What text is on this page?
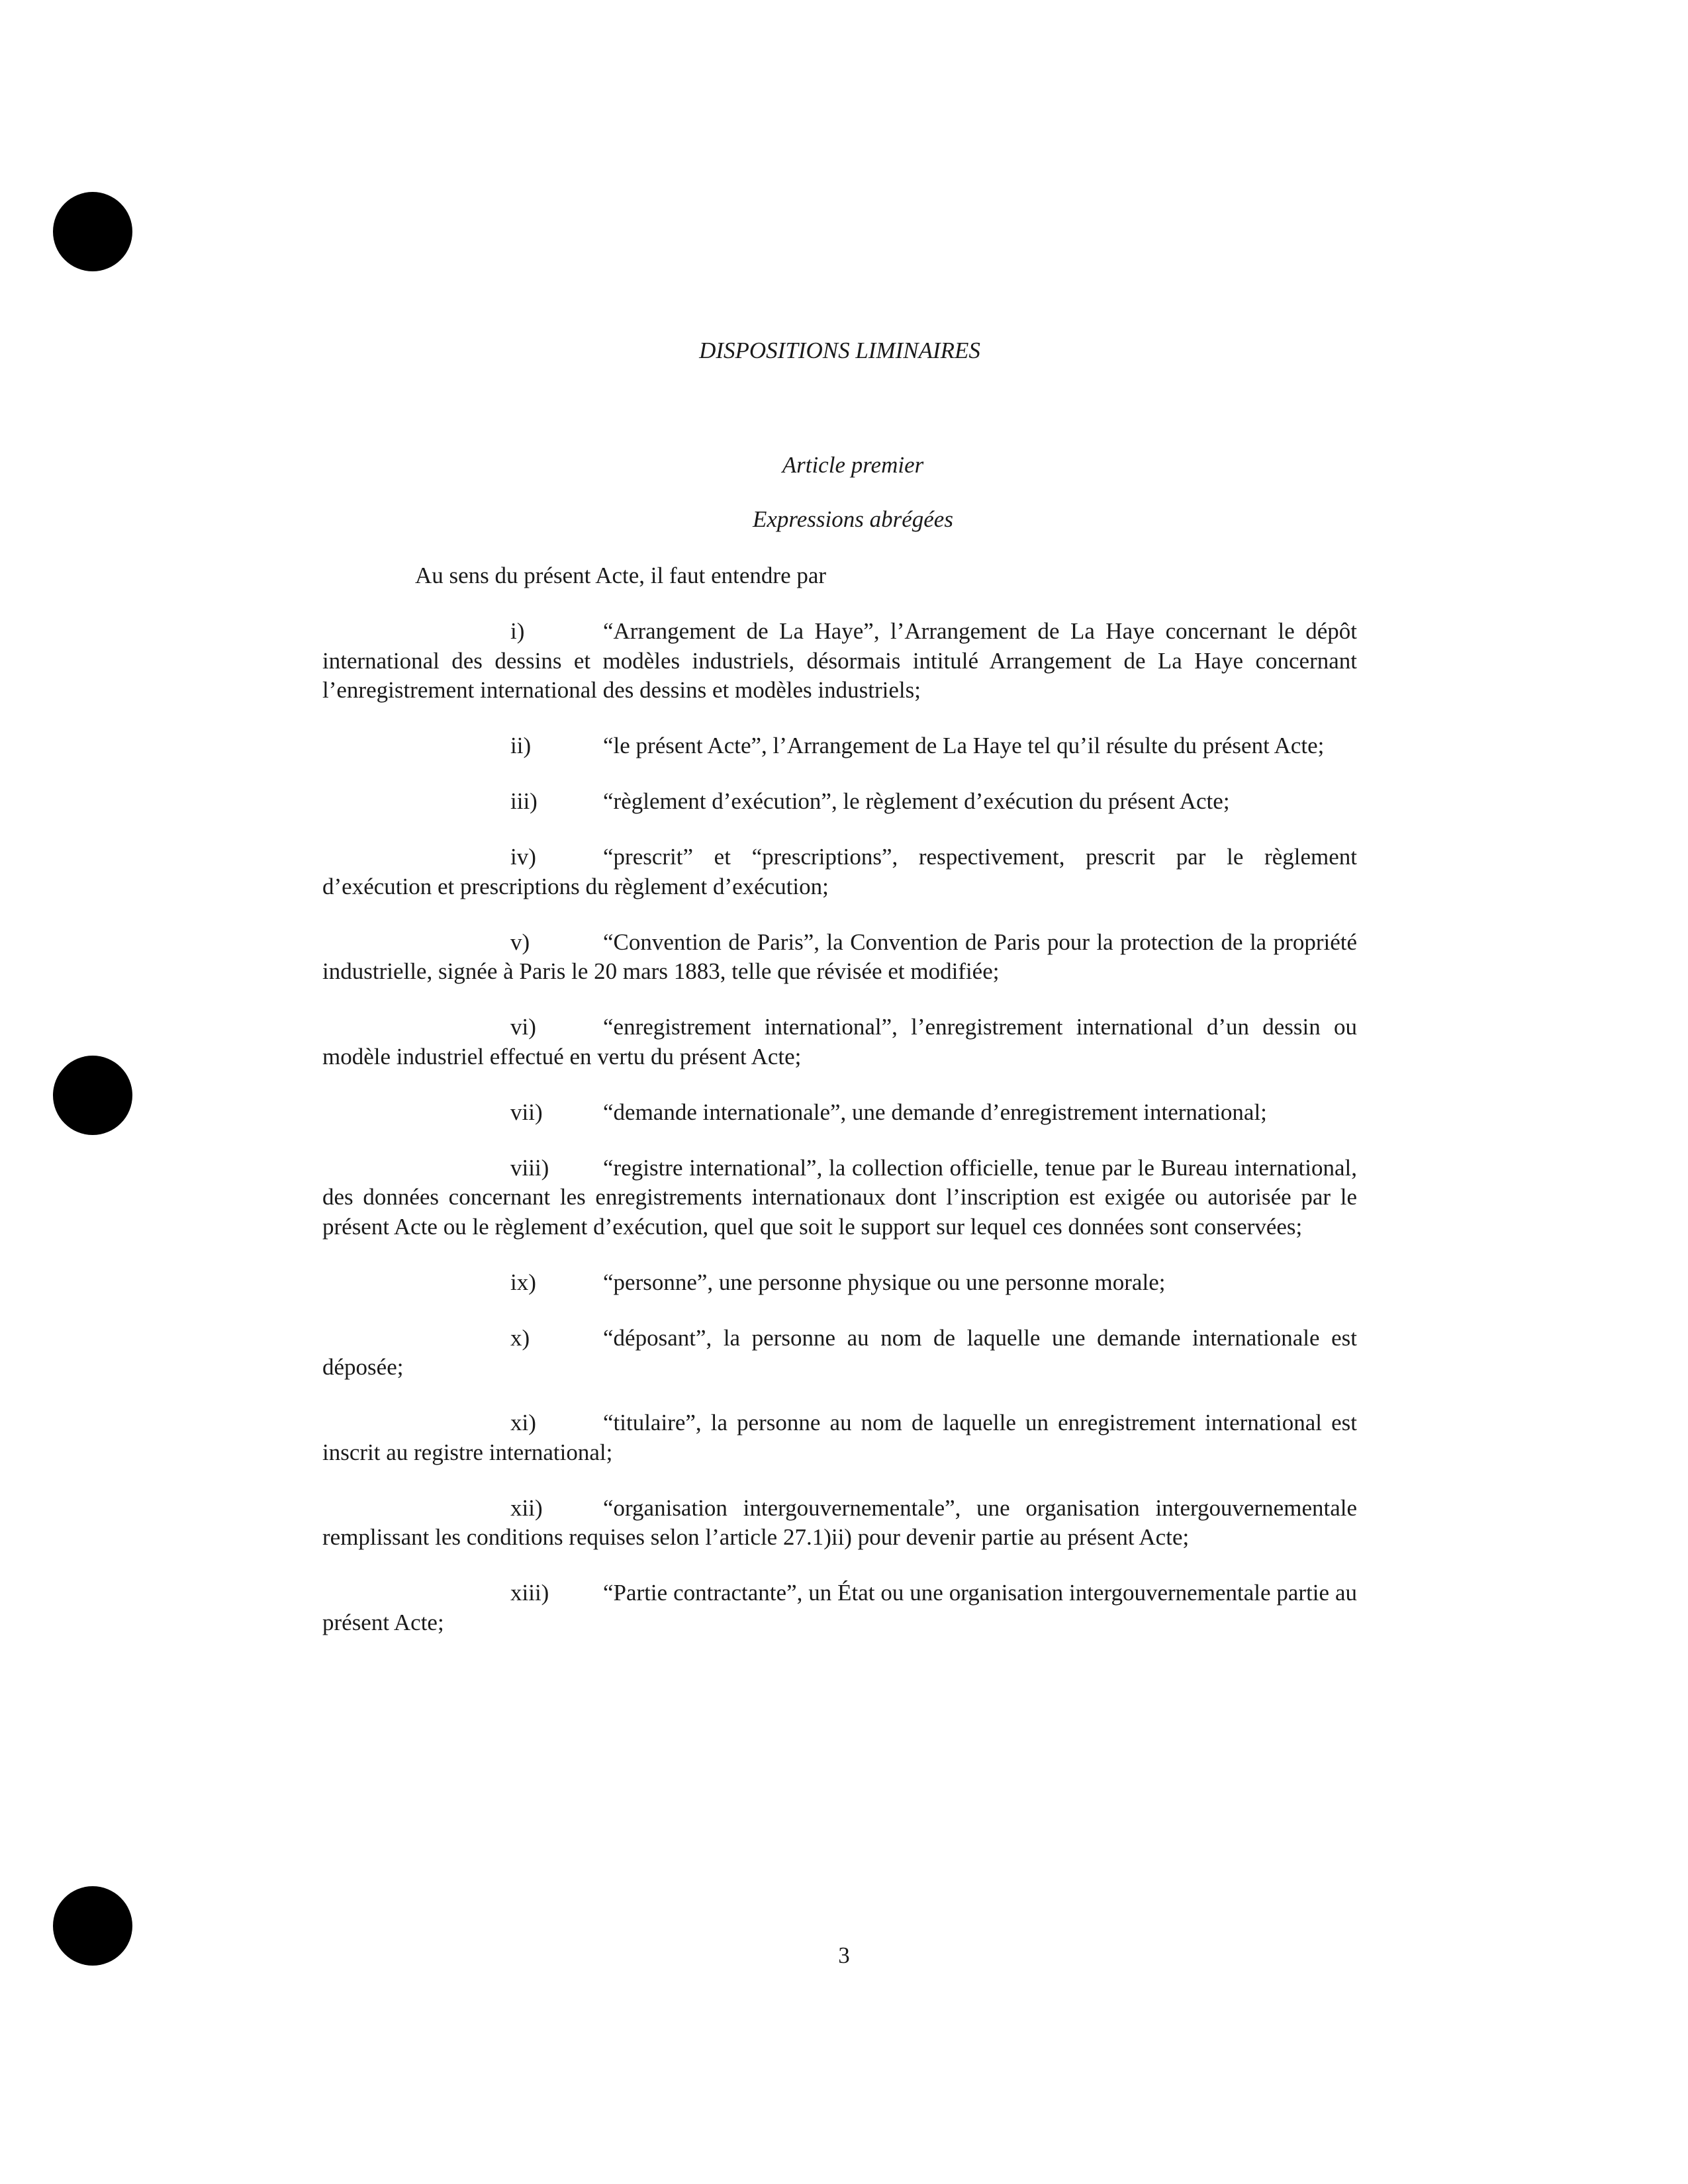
DISPOSITIONS LIMINAIRES
Article premier
Expressions abrégées
Au sens du présent Acte, il faut entendre par
i)	“Arrangement de La Haye”, l’Arrangement de La Haye concernant le dépôt international des dessins et modèles industriels, désormais intitulé Arrangement de La Haye concernant l’enregistrement international des dessins et modèles industriels;
ii)	“le présent Acte”, l’Arrangement de La Haye tel qu’il résulte du présent Acte;
iii)	“règlement d’exécution”, le règlement d’exécution du présent Acte;
iv)	“prescrit” et “prescriptions”, respectivement, prescrit par le règlement d’exécution et prescriptions du règlement d’exécution;
v)	“Convention de Paris”, la Convention de Paris pour la protection de la propriété industrielle, signée à Paris le 20 mars 1883, telle que révisée et modifiée;
vi)	“enregistrement international”, l’enregistrement international d’un dessin ou modèle industriel effectué en vertu du présent Acte;
vii)	“demande internationale”, une demande d’enregistrement international;
viii) “registre international”, la collection officielle, tenue par le Bureau international, des données concernant les enregistrements internationaux dont l’inscription est exigée ou autorisée par le présent Acte ou le règlement d’exécution, quel que soit le support sur lequel ces données sont conservées;
ix)	“personne”, une personne physique ou une personne morale;
x)	“déposant”, la personne au nom de laquelle une demande internationale est déposée;
xi)	“titulaire”, la personne au nom de laquelle un enregistrement international est inscrit au registre international;
xii)	“organisation intergouvernementale”, une organisation intergouvernementale remplissant les conditions requises selon l’article 27.1)ii) pour devenir partie au présent Acte;
xiii) “Partie contractante”, un État ou une organisation intergouvernementale partie au présent Acte;
3
